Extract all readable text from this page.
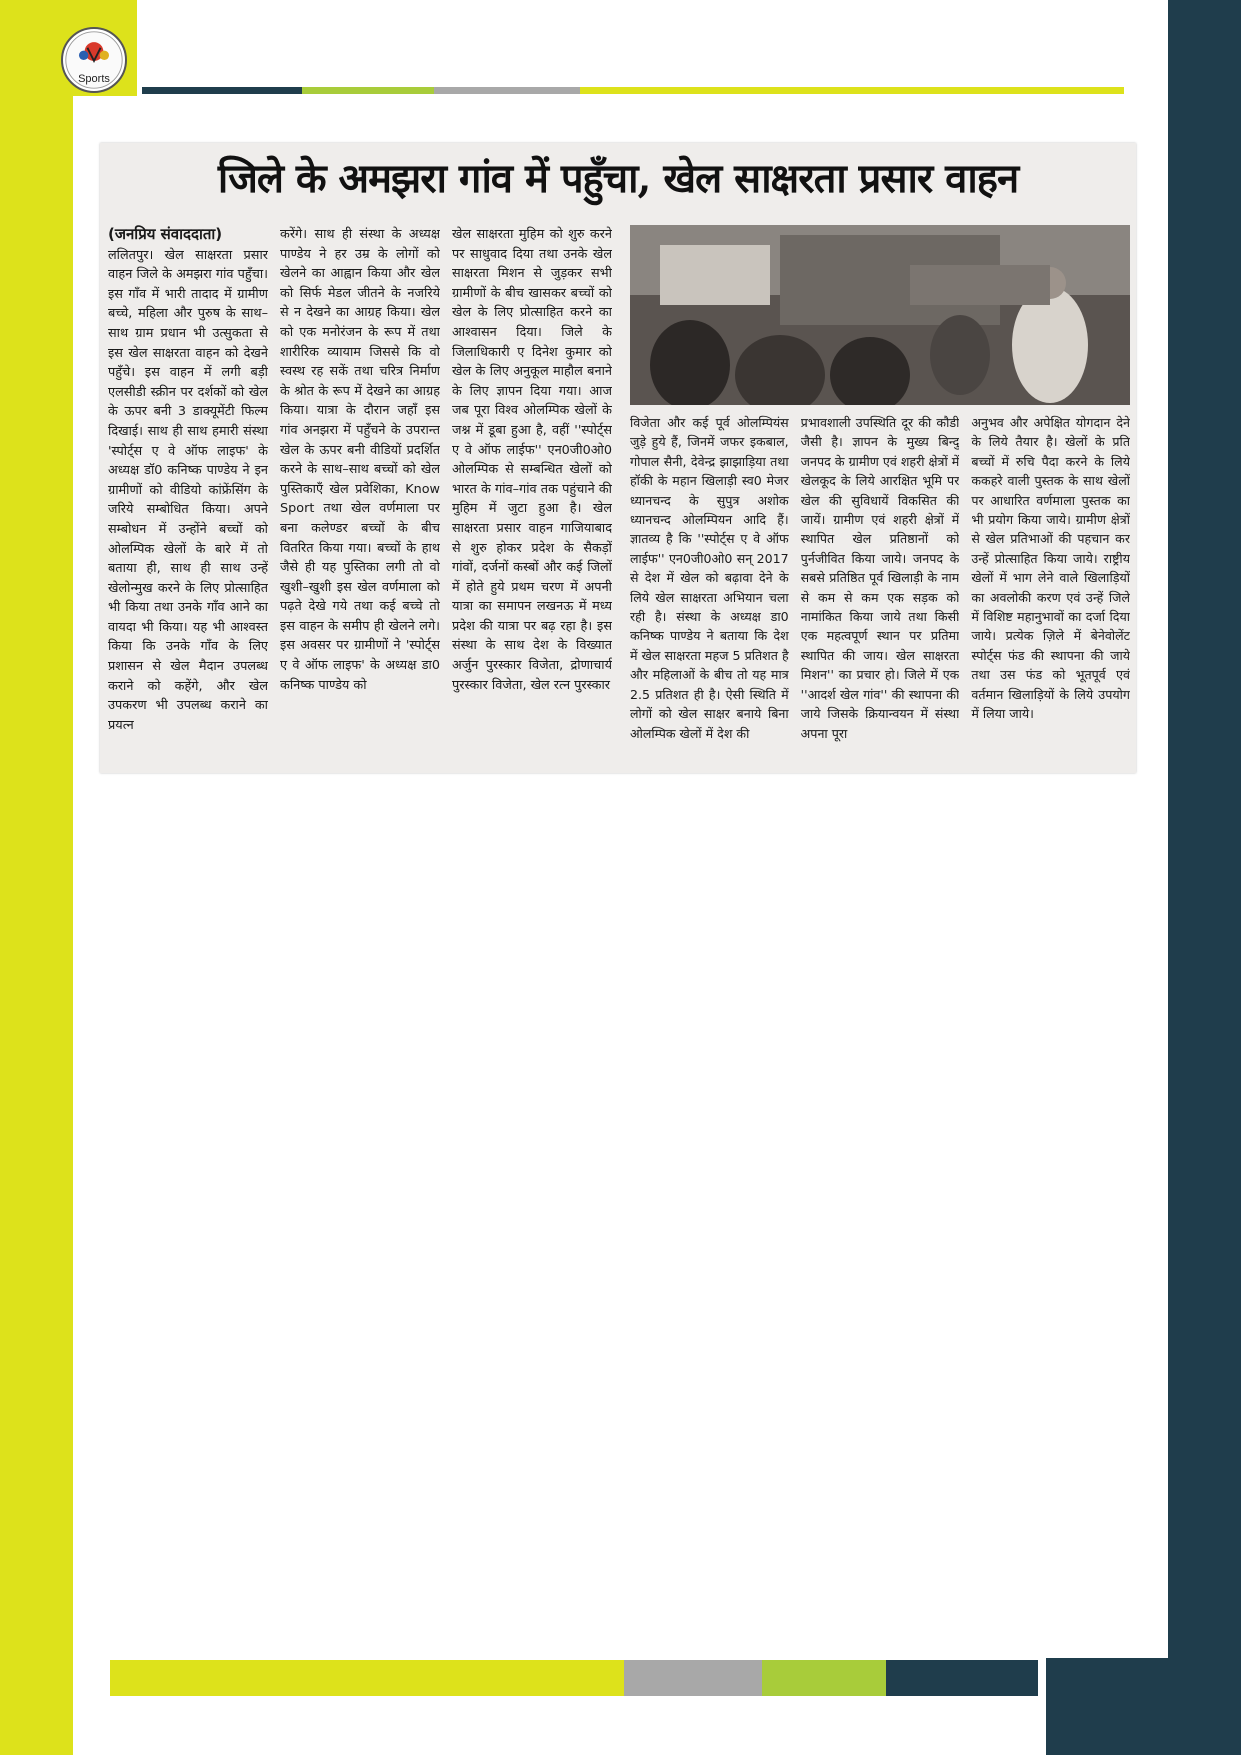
Sports
जिले के अमझरा गांव में पहुँचा, खेल साक्षरता प्रसार वाहन
(जनप्रिय संवाददाता)
ललितपुर। खेल साक्षरता प्रसार वाहन जिले के अमझरा गांव पहुँचा। इस गाँव में भारी तादाद में ग्रामीण बच्चे, महिला और पुरुष के साथ–साथ ग्राम प्रधान भी उत्सुकता से इस खेल साक्षरता वाहन को देखने पहुँचे। इस वाहन में लगी बड़ी एलसीडी स्क्रीन पर दर्शकों को खेल के ऊपर बनी 3 डाक्यूमेंटी फिल्म दिखाई। साथ ही साथ हमारी संस्था 'स्पोर्ट्स ए वे ऑफ लाइफ' के अध्यक्ष डॉ0 कनिष्क पाण्डेय ने इन ग्रामीणों को वीडियो कांफ्रेंसिंग के जरिये सम्बोधित किया। अपने सम्बोधन में उन्होंने बच्चों को ओलम्पिक खेलों के बारे में तो बताया ही, साथ ही साथ उन्हें खेलोन्मुख करने के लिए प्रोत्साहित भी किया तथा उनके गाँव आने का वायदा भी किया। यह भी आश्वस्त किया कि उनके गाँव के लिए प्रशासन से खेल मैदान उपलब्ध कराने को कहेंगे, और खेल उपकरण भी उपलब्ध कराने का प्रयत्न
करेंगे। साथ ही संस्था के अध्यक्ष पाण्डेय ने हर उम्र के लोगों को खेलने का आह्वान किया और खेल को सिर्फ मेडल जीतने के नजरिये से न देखने का आग्रह किया। खेल को एक मनोरंजन के रूप में तथा शारीरिक व्यायाम जिससे कि वो स्वस्थ रह सकें तथा चरित्र निर्माण के श्रोत के रूप में देखने का आग्रह किया। यात्रा के दौरान जहाँ इस गांव अनझरा में पहुँचने के उपरान्त खेल के ऊपर बनी वीडियों प्रदर्शित करने के साथ–साथ बच्चों को खेल पुस्तिकाएँ खेल प्रवेशिका, Know Sport तथा खेल वर्णमाला पर बना कलेण्डर बच्चों के बीच वितरित किया गया। बच्चों के हाथ जैसे ही यह पुस्तिका लगी तो वो खुशी–खुशी इस खेल वर्णमाला को पढ़ते देखे गये तथा कई बच्चे तो इस वाहन के समीप ही खेलने लगे। इस अवसर पर ग्रामीणों ने 'स्पोर्ट्स ए वे ऑफ लाइफ' के अध्यक्ष डा0 कनिष्क पाण्डेय को
खेल साक्षरता मुहिम को शुरु करने पर साधुवाद दिया तथा उनके खेल साक्षरता मिशन से जुड़कर सभी ग्रामीणों के बीच खासकर बच्चों को खेल के लिए प्रोत्साहित करने का आश्वासन दिया। जिले के जिलाधिकारी ए दिनेश कुमार को खेल के लिए अनुकूल माहौल बनाने के लिए ज्ञापन दिया गया। आज जब पूरा विश्व ओलम्पिक खेलों के जश्न में डूबा हुआ है, वहीं ''स्पोर्ट्स ए वे ऑफ लाईफ'' एन0जी0ओ0 ओलम्पिक से सम्बन्धित खेलों को भारत के गांव–गांव तक पहुंचाने की मुहिम में जुटा हुआ है। खेल साक्षरता प्रसार वाहन गाजियाबाद से शुरु होकर प्रदेश के सैकड़ों गांवों, दर्जनों कस्बों और कई जिलों में होते हुये प्रथम चरण में अपनी यात्रा का समापन लखनऊ में मध्य प्रदेश की यात्रा पर बढ़ रहा है। इस संस्था के साथ देश के विख्यात अर्जुन पुरस्कार विजेता, द्रोणाचार्य पुरस्कार विजेता, खेल रत्न पुरस्कार
विजेता और कई पूर्व ओलम्पियंस जुड़े हुये हैं, जिनमें जफर इकबाल, गोपाल सैनी, देवेन्द्र झाझाड़िया तथा हॉकी के महान खिलाड़ी स्व0 मेजर ध्यानचन्द के सुपुत्र अशोक ध्यानचन्द ओलम्पियन आदि हैं। ज्ञातव्य है कि ''स्पोर्ट्स ए वे ऑफ लाईफ'' एन0जी0ओ0 सन् 2017 से देश में खेल को बढ़ावा देने के लिये खेल साक्षरता अभियान चला रही है। संस्था के अध्यक्ष डा0 कनिष्क पाण्डेय ने बताया कि देश में खेल साक्षरता महज 5 प्रतिशत है और महिलाओं के बीच तो यह मात्र 2.5 प्रतिशत ही है। ऐसी स्थिति में लोगों को खेल साक्षर बनाये बिना ओलम्पिक खेलों में देश की
प्रभावशाली उपस्थिति दूर की कौडी जैसी है। ज्ञापन के मुख्य बिन्दु जनपद के ग्रामीण एवं शहरी क्षेत्रों में खेलकूद के लिये आरक्षित भूमि पर खेल की सुविधायें विकसित की जायें। ग्रामीण एवं शहरी क्षेत्रों में स्थापित खेल प्रतिष्ठानों को पुर्नजीवित किया जाये। जनपद के सबसे प्रतिष्ठित पूर्व खिलाड़ी के नाम से कम से कम एक सड़क को नामांकित किया जाये तथा किसी एक महत्वपूर्ण स्थान पर प्रतिमा स्थापित की जाय। खेल साक्षरता मिशन'' का प्रचार हो। जिले में एक ''आदर्श खेल गांव'' की स्थापना की जाये जिसके क्रियान्वयन में संस्था अपना पूरा
अनुभव और अपेक्षित योगदान देने के लिये तैयार है। खेलों के प्रति बच्चों में रुचि पैदा करने के लिये ककहरे वाली पुस्तक के साथ खेलों पर आधारित वर्णमाला पुस्तक का भी प्रयोग किया जाये। ग्रामीण क्षेत्रों से खेल प्रतिभाओं की पहचान कर उन्हें प्रोत्साहित किया जाये। राष्ट्रीय खेलों में भाग लेने वाले खिलाड़ियों का अवलोकी करण एवं उन्हें जिले में विशिष्ट महानुभावों का दर्जा दिया जाये। प्रत्येक ज़िले में बेनेवोलेंट स्पोर्ट्स फंड की स्थापना की जाये तथा उस फंड को भूतपूर्व एवं वर्तमान खिलाड़ियों के लिये उपयोग में लिया जाये।
